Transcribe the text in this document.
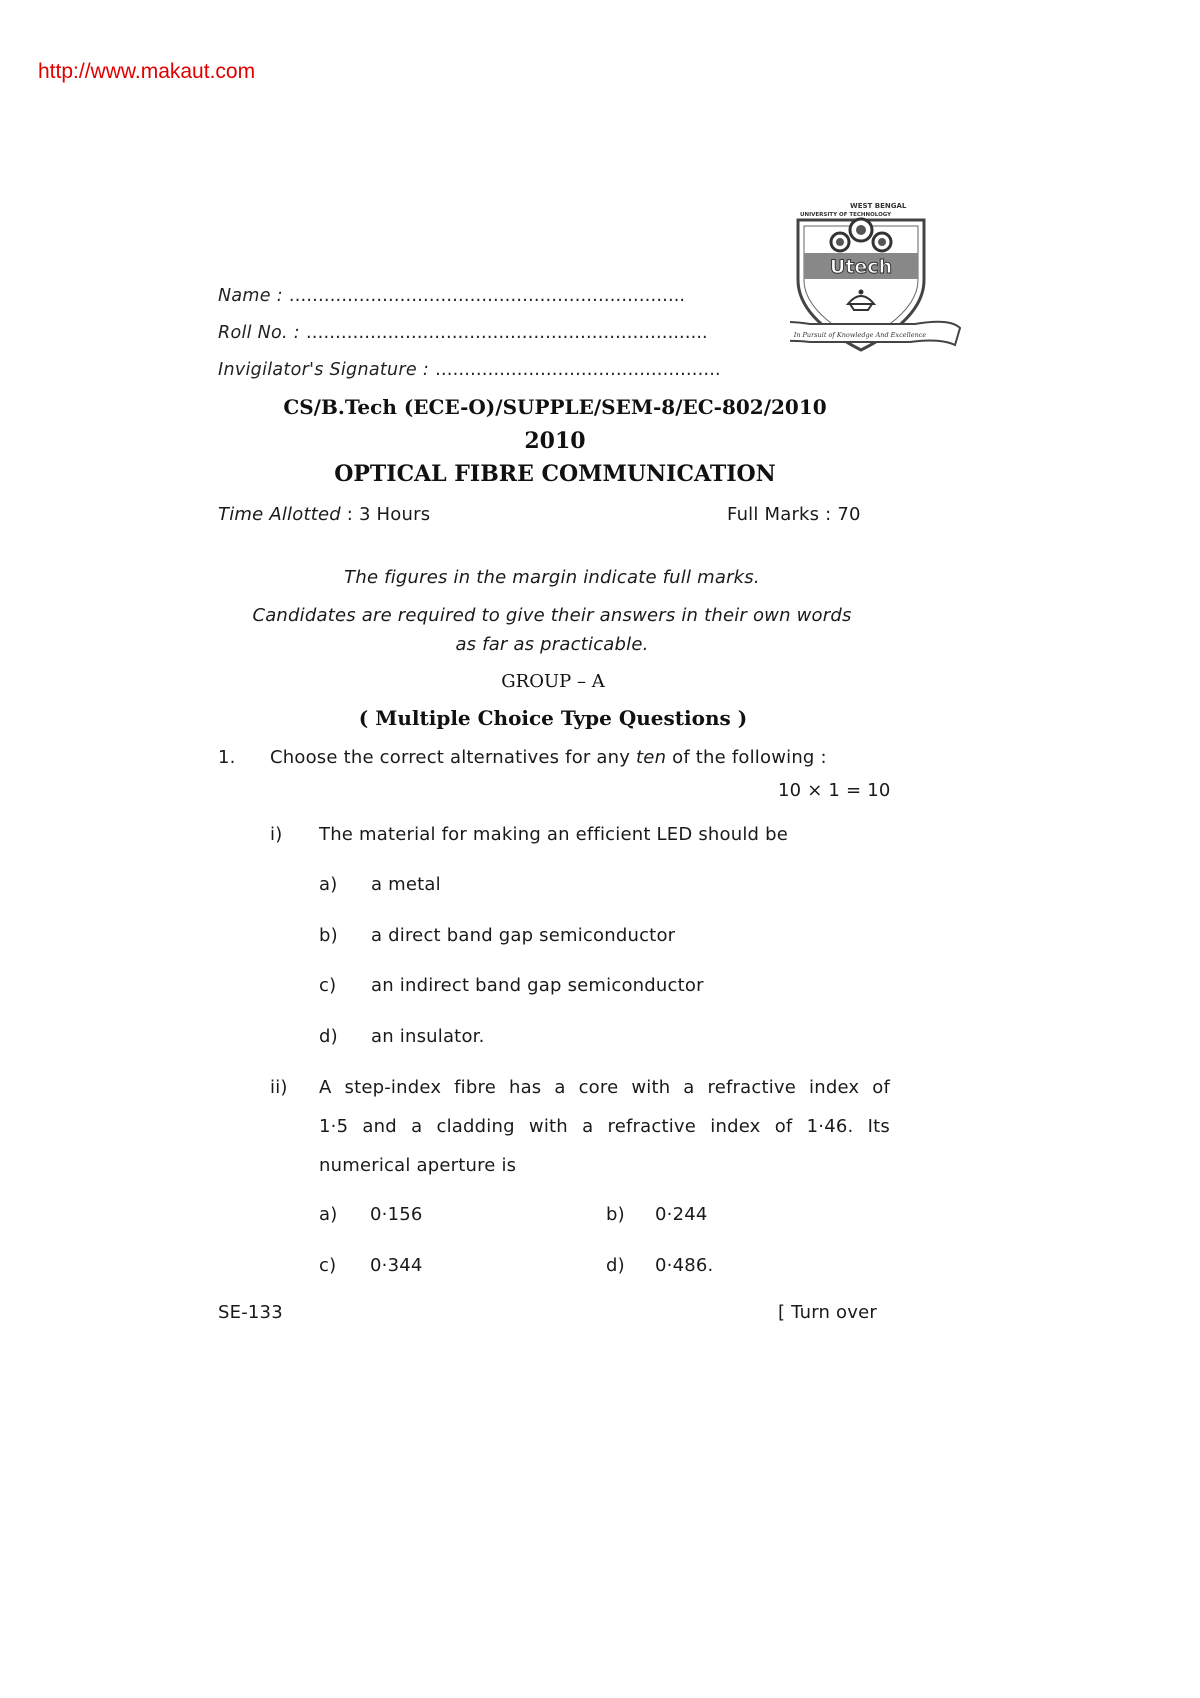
http://www.makaut.com
WEST BENGAL
UNIVERSITY OF TECHNOLOGY
Utech
In Pursuit of Knowledge And Excellence
Name : …………………………………………………………..
Roll No. : ……………………………………………………….…..
Invigilator's Signature : ………………………………………….
CS/B.Tech (ECE-O)/SUPPLE/SEM-8/EC-802/2010
2010
OPTICAL FIBRE COMMUNICATION
Time Allotted : 3 Hours	Full Marks : 70
The figures in the margin indicate full marks.
Candidates are required to give their answers in their own words
as far as practicable.
GROUP – A
( Multiple Choice Type Questions )
1. Choose the correct alternatives for any ten of the following :
10 × 1 = 10
i) The material for making an efficient LED should be
a) a metal
b) a direct band gap semiconductor
c) an indirect band gap semiconductor
d) an insulator.
ii) A step-index fibre has a core with a refractive index of
1·5 and a cladding with a refractive index of 1·46. Its
numerical aperture is
a) 0·156	b) 0·244
c) 0·344	d) 0·486.
SE-133	[ Turn over
